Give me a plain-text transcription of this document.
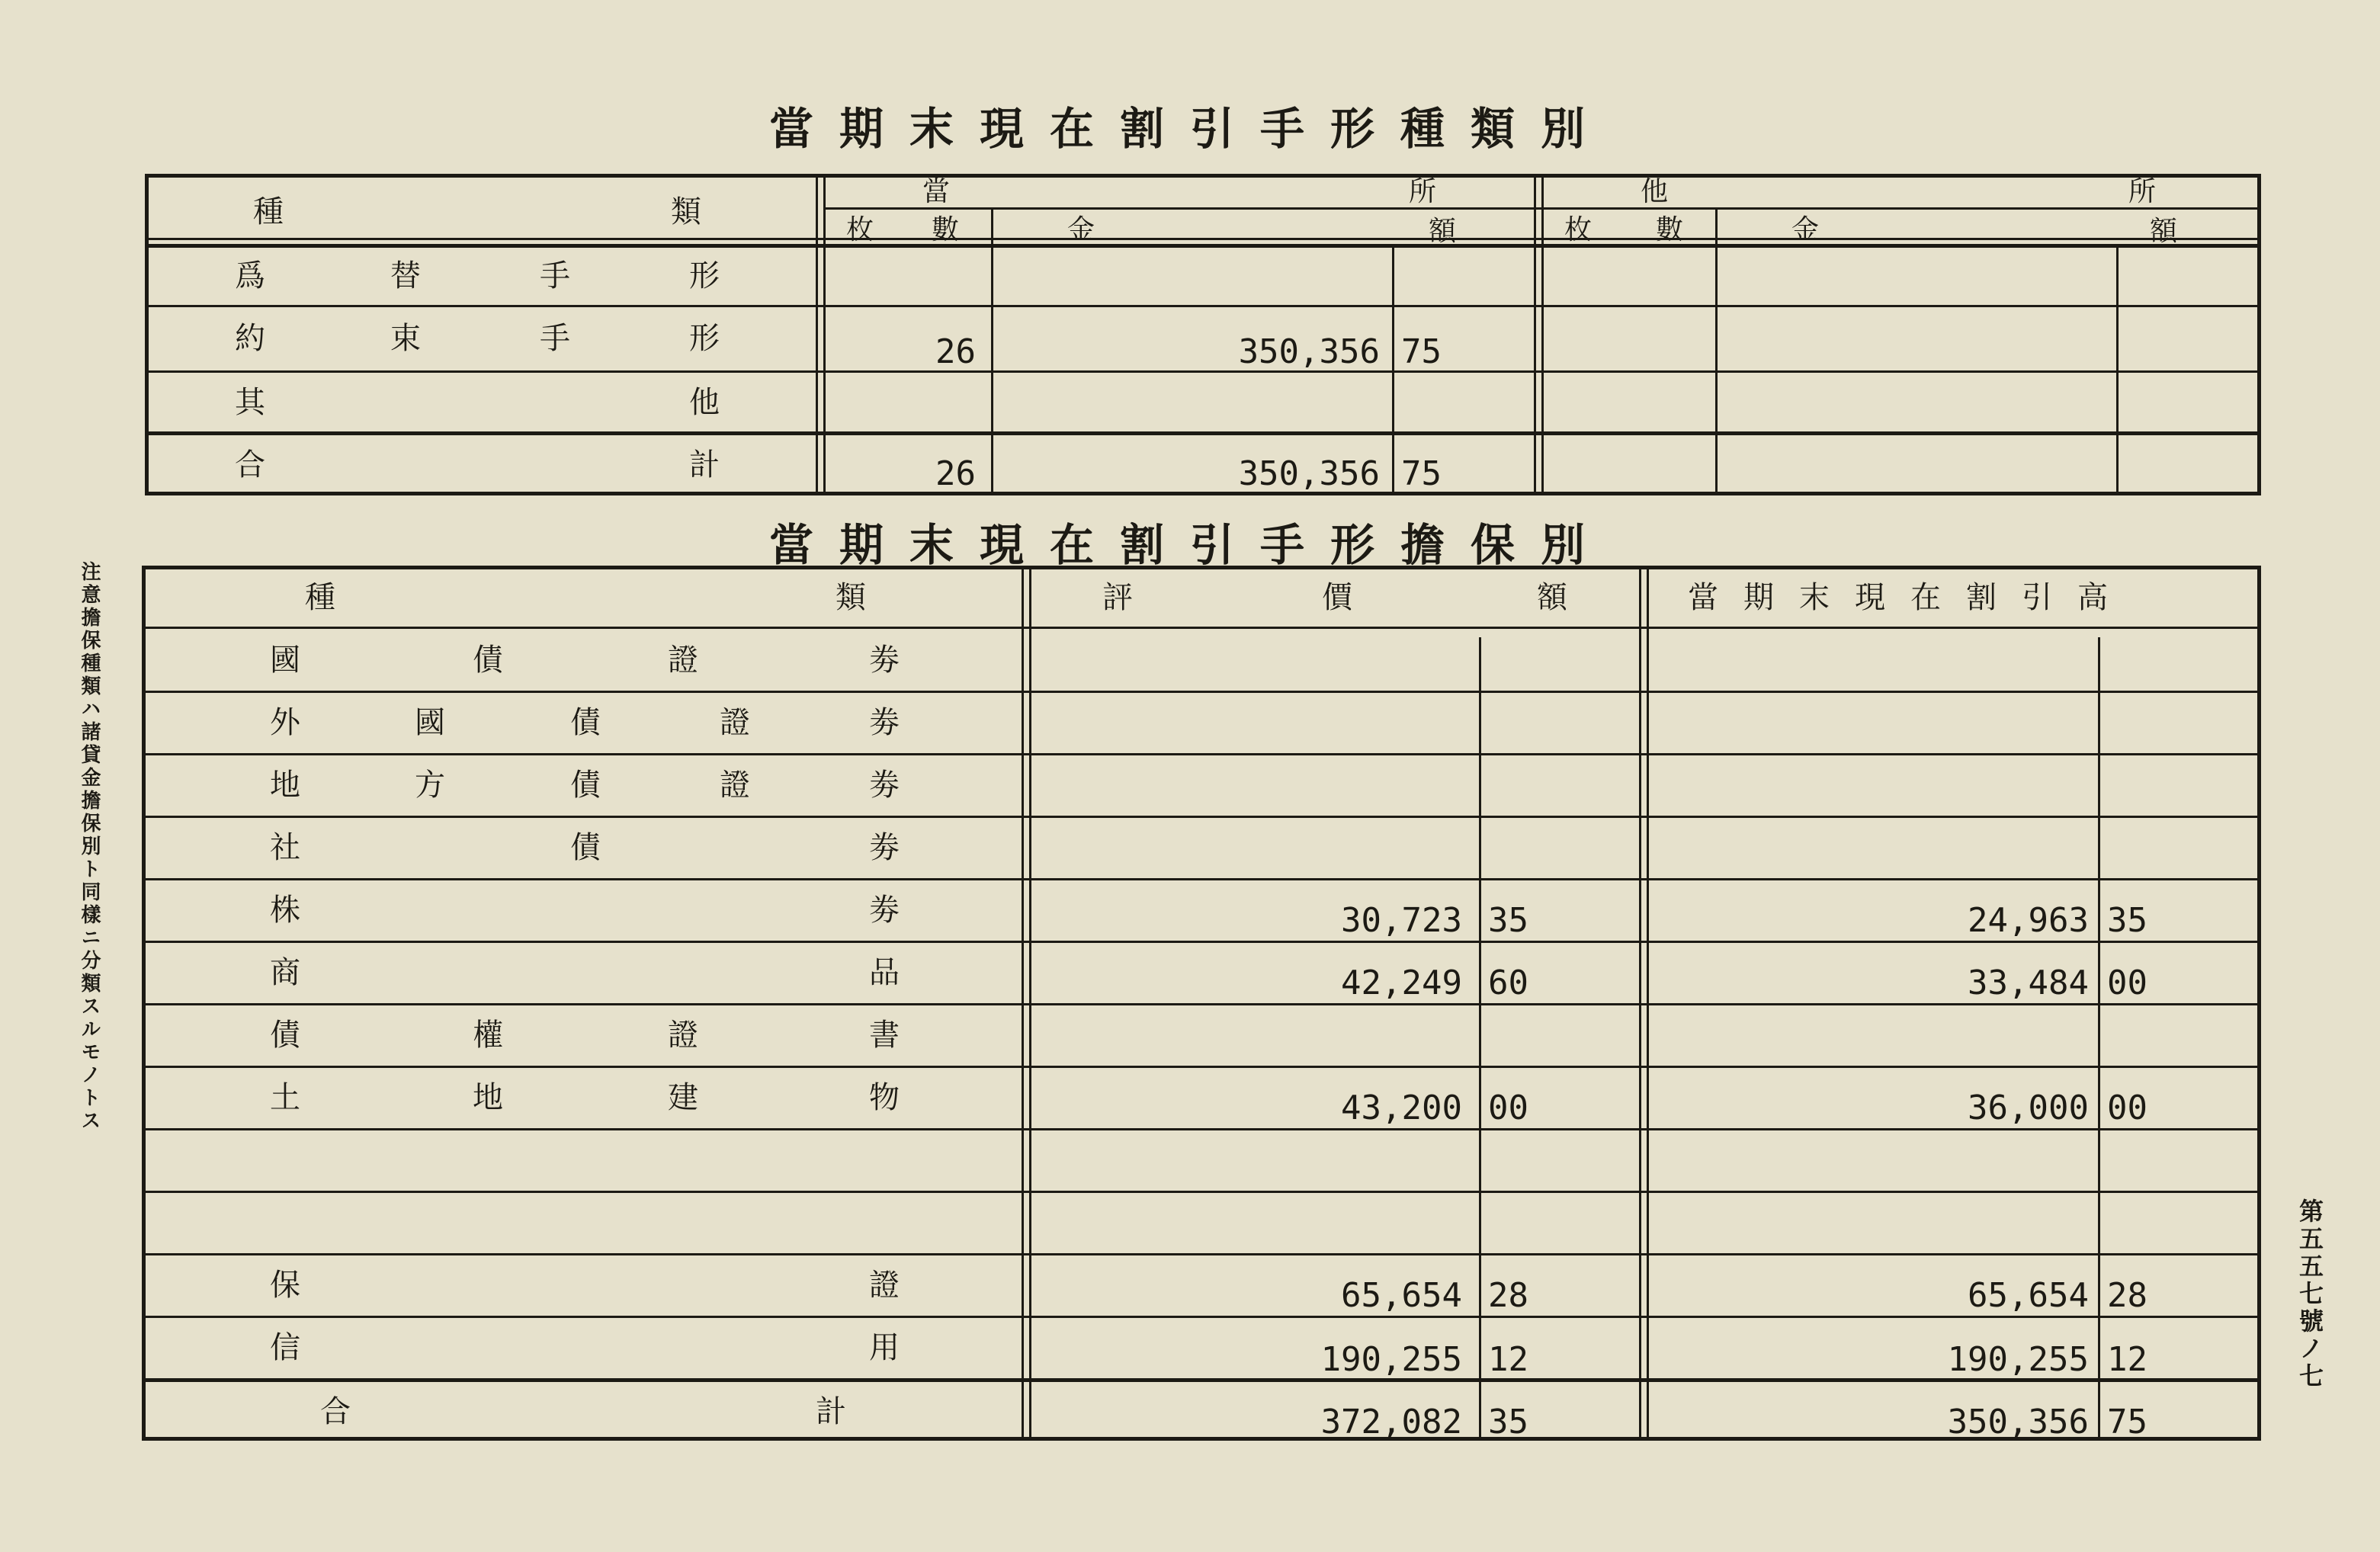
當期末現在割引手形種類別
種	類
當	所	他	所
枚 數	金	額	枚 數	金	額
爲	替	手	形
約	束	手	形	26	350,356 75
其	他
合	計	26	350,356 75
當期末現在割引手形擔保別
種	類	評	價	額	當期末現在割引高
國	債	證	劵
外	國	債	證	劵
地	方	債	證	劵
社	債	劵
株	劵	30,723 35	24,963 35
商	品	42,249 60	33,484 00
債	權	證	書
土	地	建	物	43,200 00	36,000 00
保	證	65,654 28	65,654 28
信	用	190,255 12	190,255 12
合	計	372,082 35	350,356 75
注意擔保種類ハ諸貸金擔保別ト同樣ニ分類スルモノトス
第五五七號ノ七
